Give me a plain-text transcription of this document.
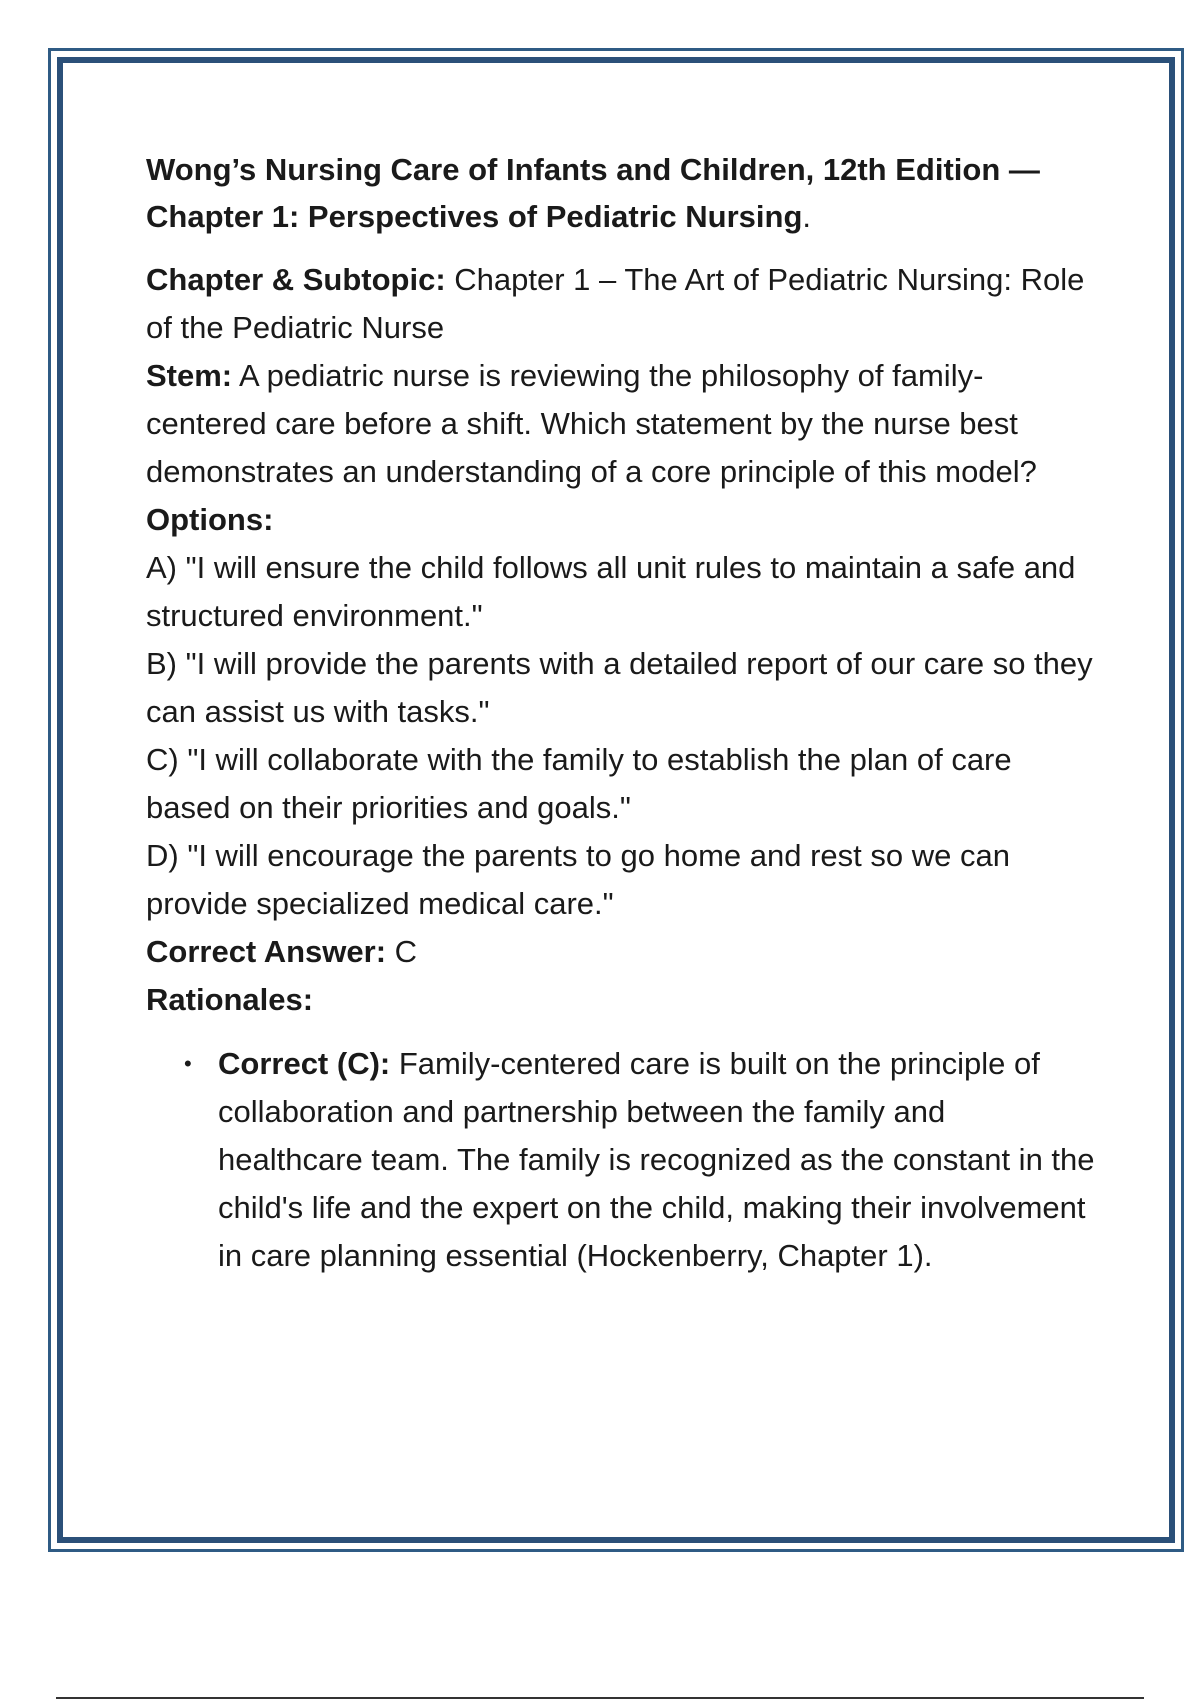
Wong’s Nursing Care of Infants and Children, 12th Edition — Chapter 1: Perspectives of Pediatric Nursing.

Chapter & Subtopic: Chapter 1 – The Art of Pediatric Nursing: Role of the Pediatric Nurse

Stem: A pediatric nurse is reviewing the philosophy of family-centered care before a shift. Which statement by the nurse best demonstrates an understanding of a core principle of this model?

Options:

A) "I will ensure the child follows all unit rules to maintain a safe and structured environment."

B) "I will provide the parents with a detailed report of our care so they can assist us with tasks."

C) "I will collaborate with the family to establish the plan of care based on their priorities and goals."

D) "I will encourage the parents to go home and rest so we can provide specialized medical care."

Correct Answer: C

Rationales:

• Correct (C): Family-centered care is built on the principle of collaboration and partnership between the family and healthcare team. The family is recognized as the constant in the child's life and the expert on the child, making their involvement in care planning essential (Hockenberry, Chapter 1).
